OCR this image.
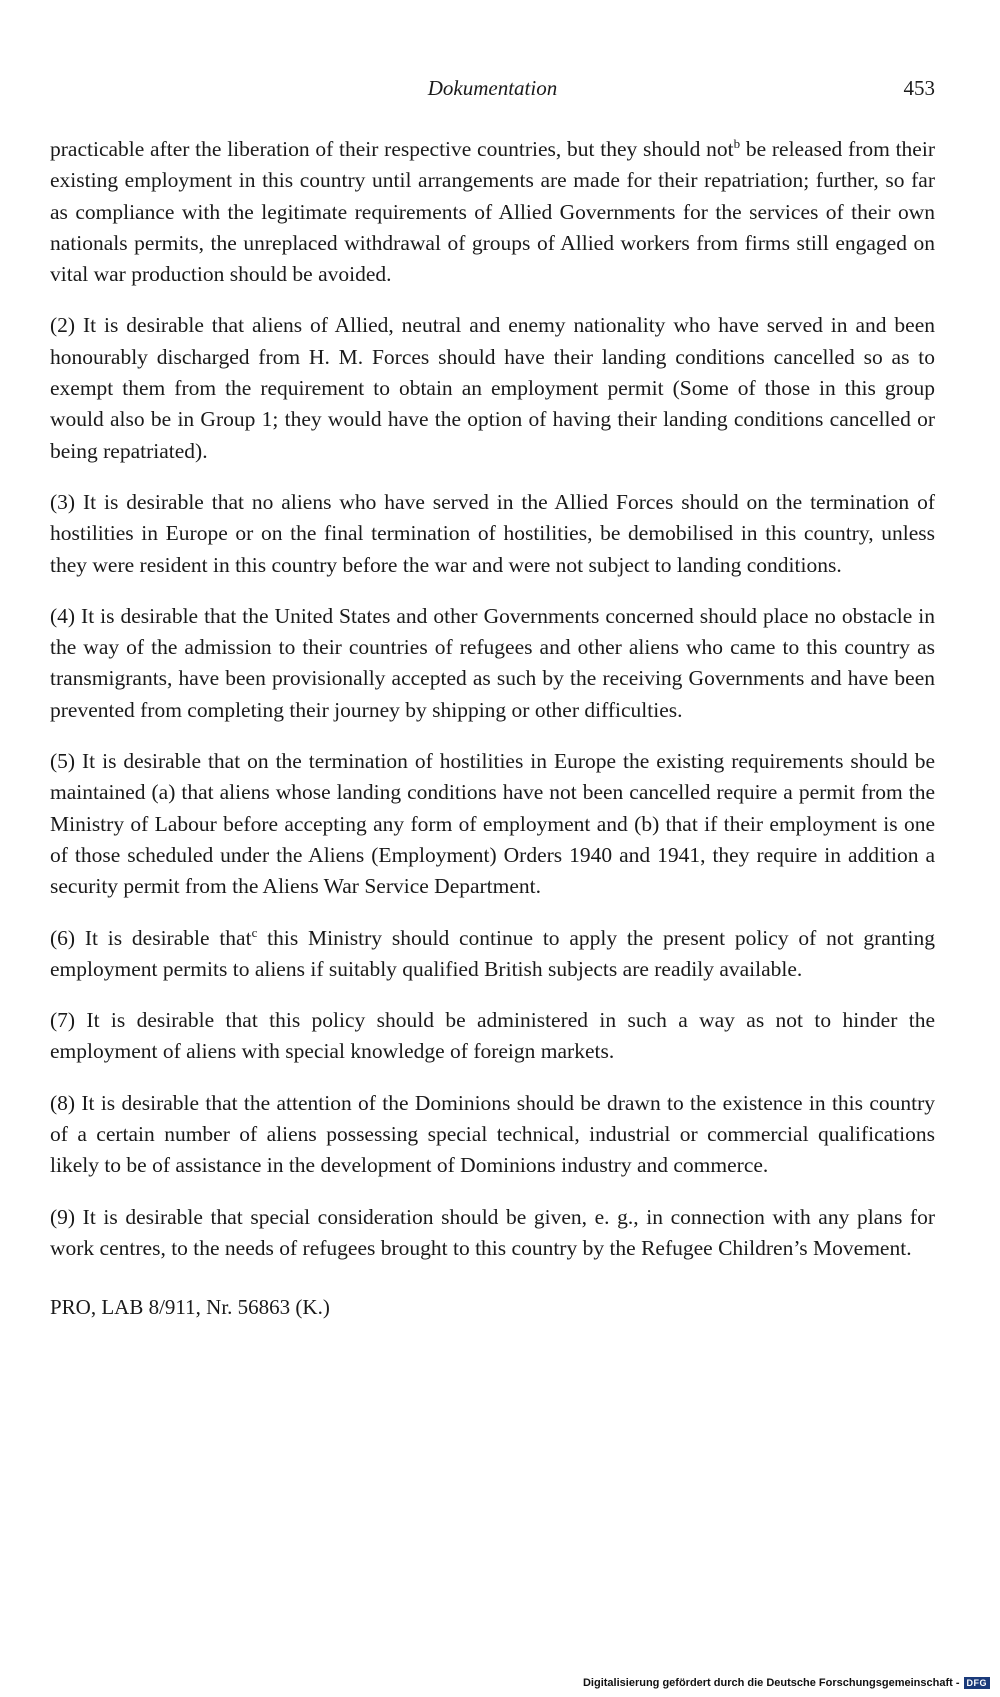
Dokumentation	453

practicable after the liberation of their respective countries, but they should not$^b$ be released from their existing employment in this country until arrangements are made for their repatriation; further, so far as compliance with the legitimate requirements of Allied Governments for the services of their own nationals permits, the unreplaced withdrawal of groups of Allied workers from firms still engaged on vital war production should be avoided.

(2) It is desirable that aliens of Allied, neutral and enemy nationality who have served in and been honourably discharged from H. M. Forces should have their landing conditions cancelled so as to exempt them from the requirement to obtain an employment permit (Some of those in this group would also be in Group 1; they would have the option of having their landing conditions cancelled or being repatriated).

(3) It is desirable that no aliens who have served in the Allied Forces should on the termination of hostilities in Europe or on the final termination of hostilities, be demobilised in this country, unless they were resident in this country before the war and were not subject to landing conditions.

(4) It is desirable that the United States and other Governments concerned should place no obstacle in the way of the admission to their countries of refugees and other aliens who came to this country as transmigrants, have been provisionally accepted as such by the receiving Governments and have been prevented from completing their journey by shipping or other difficulties.

(5) It is desirable that on the termination of hostilities in Europe the existing requirements should be maintained (a) that aliens whose landing conditions have not been cancelled require a permit from the Ministry of Labour before accepting any form of employment and (b) that if their employment is one of those scheduled under the Aliens (Employment) Orders 1940 and 1941, they require in addition a security permit from the Aliens War Service Department.

(6) It is desirable that$^c$ this Ministry should continue to apply the present policy of not granting employment permits to aliens if suitably qualified British subjects are readily available.

(7) It is desirable that this policy should be administered in such a way as not to hinder the employment of aliens with special knowledge of foreign markets.

(8) It is desirable that the attention of the Dominions should be drawn to the existence in this country of a certain number of aliens possessing special technical, industrial or commercial qualifications likely to be of assistance in the development of Dominions industry and commerce.

(9) It is desirable that special consideration should be given, e. g., in connection with any plans for work centres, to the needs of refugees brought to this country by the Refugee Children’s Movement.

PRO, LAB 8/911, Nr. 56863 (K.)
Digitalisierung gefördert durch die Deutsche Forschungsgemeinschaft - DFG
